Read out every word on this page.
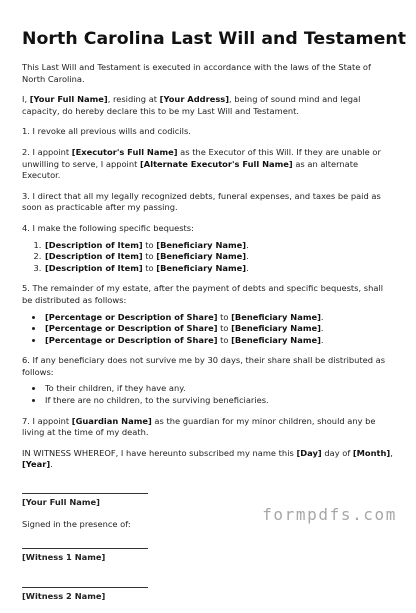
North Carolina Last Will and Testament

This Last Will and Testament is executed in accordance with the laws of the State of North Carolina.

I, [Your Full Name], residing at [Your Address], being of sound mind and legal capacity, do hereby declare this to be my Last Will and Testament.

1. I revoke all previous wills and codicils.

2. I appoint [Executor's Full Name] as the Executor of this Will. If they are unable or unwilling to serve, I appoint [Alternate Executor's Full Name] as an alternate Executor.

3. I direct that all my legally recognized debts, funeral expenses, and taxes be paid as soon as practicable after my passing.

4. I make the following specific bequests:

1. [Description of Item] to [Beneficiary Name].
2. [Description of Item] to [Beneficiary Name].
3. [Description of Item] to [Beneficiary Name].

5. The remainder of my estate, after the payment of debts and specific bequests, shall be distributed as follows:

• [Percentage or Description of Share] to [Beneficiary Name].
• [Percentage or Description of Share] to [Beneficiary Name].
• [Percentage or Description of Share] to [Beneficiary Name].

6. If any beneficiary does not survive me by 30 days, their share shall be distributed as follows:

• To their children, if they have any.
• If there are no children, to the surviving beneficiaries.

7. I appoint [Guardian Name] as the guardian for my minor children, should any be living at the time of my death.

IN WITNESS WHEREOF, I have hereunto subscribed my name this [Day] day of [Month], [Year].

[Your Full Name]

Signed in the presence of:

[Witness 1 Name]
[Witness 2 Name]
formpdfs.com
